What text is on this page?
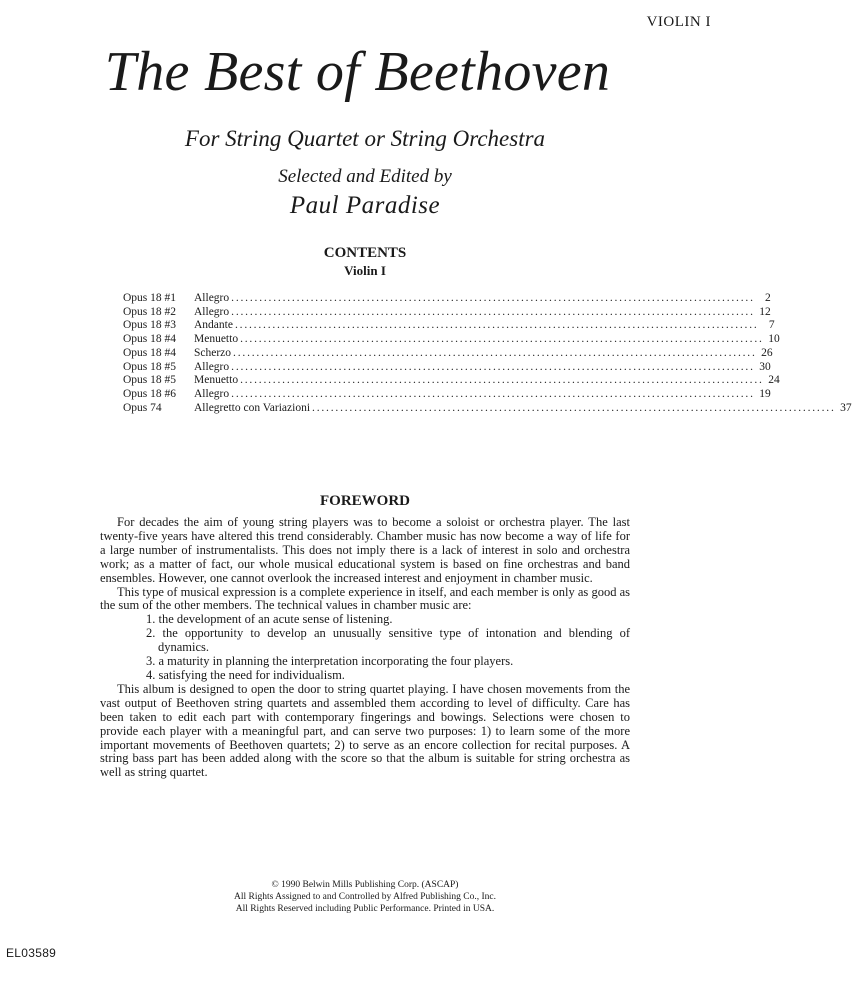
VIOLIN I
The Best of Beethoven
For String Quartet or String Orchestra
Selected and Edited by
Paul Paradise
CONTENTS
Violin I
Opus 18 #1	Allegro ................................................................................................................ 2
Opus 18 #2	Allegro ................................................................................................................ 12
Opus 18 #3	Andante ................................................................................................................ 7
Opus 18 #4	Menuetto ................................................................................................................ 10
Opus 18 #4	Scherzo ................................................................................................................ 26
Opus 18 #5	Allegro ................................................................................................................ 30
Opus 18 #5	Menuetto ................................................................................................................ 24
Opus 18 #6	Allegro ................................................................................................................ 19
Opus 74	Allegretto con Variazioni ................................................................................................................ 37
FOREWORD

For decades the aim of young string players was to become a soloist or orchestra player. The last twenty-five years have altered this trend considerably. Chamber music has now become a way of life for a large number of instrumentalists. This does not imply there is a lack of interest in solo and orchestra work; as a matter of fact, our whole musical educational system is based on fine orchestras and band ensembles. However, one cannot overlook the increased interest and enjoyment in chamber music.

This type of musical expression is a complete experience in itself, and each member is only as good as the sum of the other members. The technical values in chamber music are:

1. the development of an acute sense of listening.
2. the opportunity to develop an unusually sensitive type of intonation and blending of dynamics.
3. a maturity in planning the interpretation incorporating the four players.
4. satisfying the need for individualism.

This album is designed to open the door to string quartet playing. I have chosen movements from the vast output of Beethoven string quartets and assembled them according to level of difficulty. Care has been taken to edit each part with contemporary fingerings and bowings. Selections were chosen to provide each player with a meaningful part, and can serve two purposes: 1) to learn some of the more important movements of Beethoven quartets; 2) to serve as an encore collection for recital purposes. A string bass part has been added along with the score so that the album is suitable for string orchestra as well as string quartet.

© 1990 Belwin Mills Publishing Corp. (ASCAP)
All Rights Assigned to and Controlled by Alfred Publishing Co., Inc.
All Rights Reserved including Public Performance. Printed in USA.
EL03589
